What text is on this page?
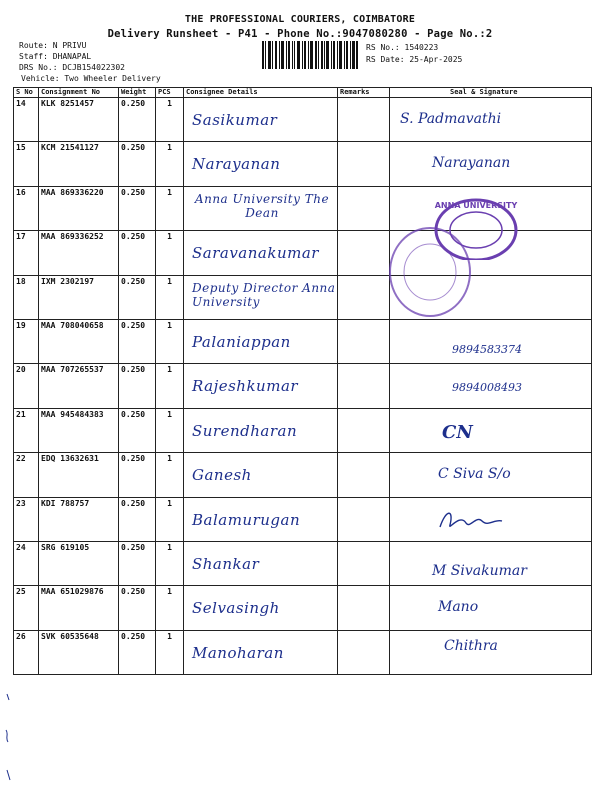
THE PROFESSIONAL COURIERS, COIMBATORE
Delivery Runsheet - P41 - Phone No.:9047080280 - Page No.:2
Route: N PRIVU
Staff: DHANAPAL
DRS No.: DCJB154022302
Vehicle: Two Wheeler Delivery
RS No.: 1540223
RS Date: 25-Apr-2025
S No	Consignment No	Weight	PCS	Consignee Details	Remarks	Seal & Signature
14	KLK 8251457	0.250	1	Sasikumar		S. Padmavathi

15	KCM 21541127	0.250	1	Narayanan		Narayanan

16	MAA 869336220	0.250	1	Anna University The Dean		

17	MAA 869336252	0.250	1	Saravanakumar		

18	IXM 2302197	0.250	1	Deputy Director Anna University		

19	MAA 708040658	0.250	1	Palaniappan		9894583374

20	MAA 707265537	0.250	1	Rajeshkumar		9894008493

21	MAA 945484383	0.250	1	Surendharan		CN

22	EDQ 13632631	0.250	1	Ganesh		C Siva S/o

23	KDI 788757	0.250	1	Balamurugan

24	SRG 619105	0.250	1	Shankar		M Sivakumar

25	MAA 651029876	0.250	1	Selvasingh		Mano

26	SVK 60535648	0.250	1	Manoharan		Chithra
ANNA UNIVERSITY
